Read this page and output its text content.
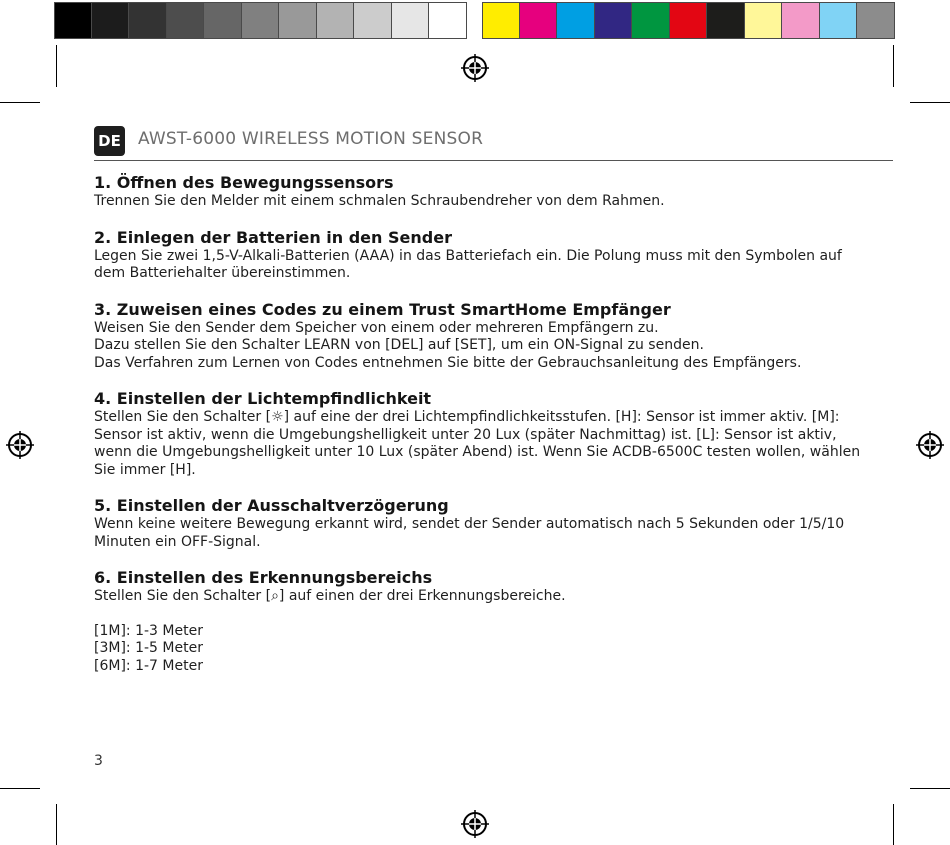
DE AWST-6000 WIRELESS MOTION SENSOR
1. Öffnen des Bewegungssensors

Trennen Sie den Melder mit einem schmalen Schraubendreher von dem Rahmen.

2. Einlegen der Batterien in den Sender

Legen Sie zwei 1,5-V-Alkali-Batterien (AAA) in das Batteriefach ein. Die Polung muss mit den Symbolen auf dem Batteriehalter übereinstimmen.

3. Zuweisen eines Codes zu einem Trust SmartHome Empfänger

Weisen Sie den Sender dem Speicher von einem oder mehreren Empfängern zu.

Dazu stellen Sie den Schalter LEARN von [DEL] auf [SET], um ein ON-Signal zu senden.

Das Verfahren zum Lernen von Codes entnehmen Sie bitte der Gebrauchsanleitung des Empfängers.

4. Einstellen der Lichtempfindlichkeit

Stellen Sie den Schalter [☼] auf eine der drei Lichtempfindlichkeitsstufen. [H]: Sensor ist immer aktiv. [M]: Sensor ist aktiv, wenn die Umgebungshelligkeit unter 20 Lux (später Nachmittag) ist. [L]: Sensor ist aktiv, wenn die Umgebungshelligkeit unter 10 Lux (später Abend) ist. Wenn Sie ACDB-6500C testen wollen, wählen Sie immer [H].

5. Einstellen der Ausschaltverzögerung

Wenn keine weitere Bewegung erkannt wird, sendet der Sender automatisch nach 5 Sekunden oder 1/5/10 Minuten ein OFF-Signal.

6. Einstellen des Erkennungsbereichs

Stellen Sie den Schalter [⌕] auf einen der drei Erkennungsbereiche.

[1M]: 1-3 Meter
[3M]: 1-5 Meter
[6M]: 1-7 Meter
3
